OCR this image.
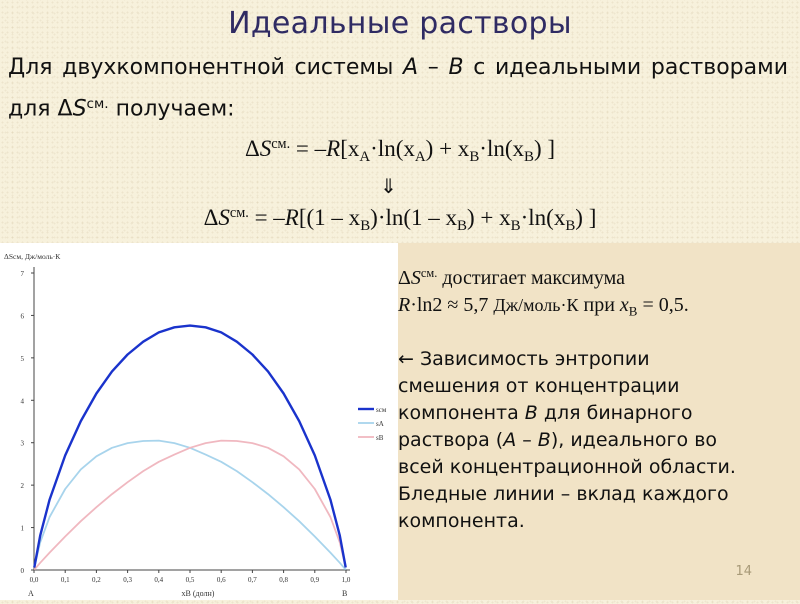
Идеальные растворы
Для двухкомпонентной системы A – B с идеальными растворами для $\Delta S^{см.}$ получаем:
$\Delta S^{см.} = -R[x_A\cdot\ln(x_A) + x_B\cdot\ln(x_B)$ ]
⇓
$\Delta S^{см.} = -R[(1 - x_B)\cdot\ln(1 - x_B) + x_B\cdot\ln(x_B)$ ]
0
1
2
3
4
5
6
7
0,0	0,1	0,2	0,3	0,4	0,5	0,6	0,7	0,8	0,9	1,0
ΔSсм, Дж/моль·К
xB (долн)
A	B
sсм
sA
sB
$\Delta S^{см.}$ достигает максимума
R·ln2 ≈ 5,7 Дж/моль·К при $x_B = 0,5$.
← Зависимость энтропии
смешения от концентрации
компонента B для бинарного
раствора (A – B), идеального во
всей концентрационной области.
Бледные линии – вклад каждого
компонента.
14
